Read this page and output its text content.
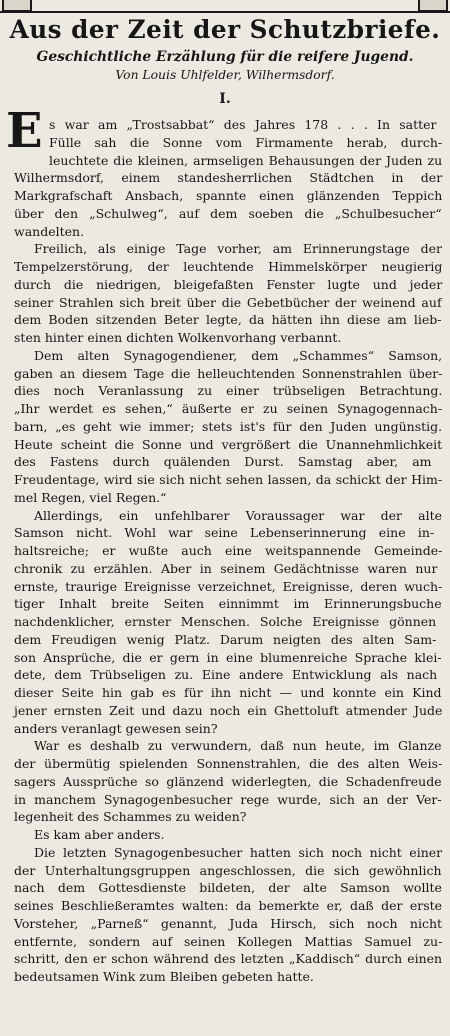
Aus der Zeit der Schutzbriefe.
Geschichtliche Erzählung für die reifere Jugend.
Von Louis Uhlfelder, Wilhermsdorf.
I.
E s war am „Trostsabbat“ des Jahres 178 . . . In satter
Fülle sah die Sonne vom Firmamente herab, durch-
leuchtete die kleinen, armseligen Behausungen der Juden zu
Wilhermsdorf, einem standesherrlichen Städtchen in der
Markgrafschaft Ansbach, spannte einen glänzenden Teppich
über den „Schulweg“, auf dem soeben die „Schulbesucher“
wandelten.
Freilich, als einige Tage vorher, am Erinnerungstage der
Tempelzerstörung, der leuchtende Himmelskörper neugierig
durch die niedrigen, bleigefaßten Fenster lugte und jeder
seiner Strahlen sich breit über die Gebetbücher der weinend auf
dem Boden sitzenden Beter legte, da hätten ihn diese am lieb-
sten hinter einen dichten Wolkenvorhang verbannt.
Dem alten Synagogendiener, dem „Schammes“ Samson,
gaben an diesem Tage die helleuchtenden Sonnenstrahlen über-
dies noch Veranlassung zu einer trübseligen Betrachtung.
„Ihr werdet es sehen,“ äußerte er zu seinen Synagogennach-
barn, „es geht wie immer; stets ist's für den Juden ungünstig.
Heute scheint die Sonne und vergrößert die Unannehmlichkeit
des Fastens durch quälenden Durst. Samstag aber, am
Freudentage, wird sie sich nicht sehen lassen, da schickt der Him-
mel Regen, viel Regen.“
Allerdings, ein unfehlbarer Voraussager war der alte
Samson nicht. Wohl war seine Lebenserinnerung eine in-
haltsreiche; er wußte auch eine weitspannende Gemeinde-
chronik zu erzählen. Aber in seinem Gedächtnisse waren nur
ernste, traurige Ereignisse verzeichnet, Ereignisse, deren wuch-
tiger Inhalt breite Seiten einnimmt im Erinnerungsbuche
nachdenklicher, ernster Menschen. Solche Ereignisse gönnen
dem Freudigen wenig Platz. Darum neigten des alten Sam-
son Ansprüche, die er gern in eine blumenreiche Sprache klei-
dete, dem Trübseligen zu. Eine andere Entwicklung als nach
dieser Seite hin gab es für ihn nicht — und konnte ein Kind
jener ernsten Zeit und dazu noch ein Ghettoluft atmender Jude
anders veranlagt gewesen sein?
War es deshalb zu verwundern, daß nun heute, im Glanze
der übermütig spielenden Sonnenstrahlen, die des alten Weis-
sagers Aussprüche so glänzend widerlegten, die Schadenfreude
in manchem Synagogenbesucher rege wurde, sich an der Ver-
legenheit des Schammes zu weiden?
Es kam aber anders.
Die letzten Synagogenbesucher hatten sich noch nicht einer
der Unterhaltungsgruppen angeschlossen, die sich gewöhnlich
nach dem Gottesdienste bildeten, der alte Samson wollte
seines Beschließeramtes walten: da bemerkte er, daß der erste
Vorsteher, „Parneß“ genannt, Juda Hirsch, sich noch nicht
entfernte, sondern auf seinen Kollegen Mattias Samuel zu-
schritt, den er schon während des letzten „Kaddisch“ durch einen
bedeutsamen Wink zum Bleiben gebeten hatte.
